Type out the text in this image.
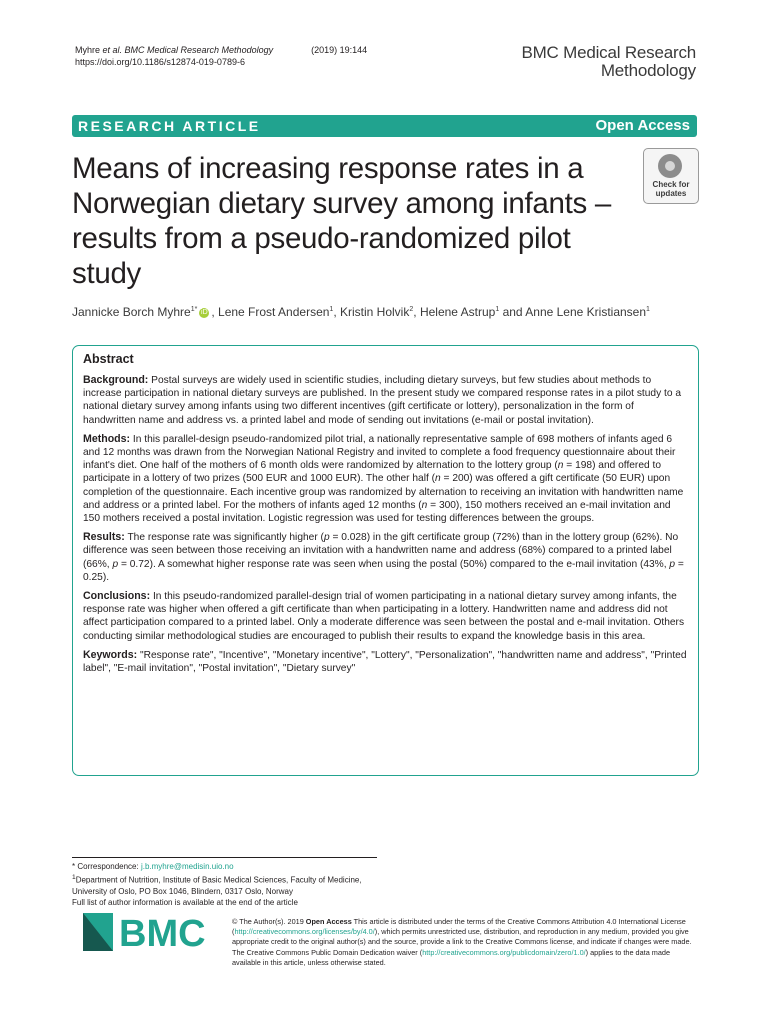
Myhre et al. BMC Medical Research Methodology	(2019) 19:144
https://doi.org/10.1186/s12874-019-0789-6	BMC Medical Research
Methodology
RESEARCH ARTICLE	Open Access
Means of increasing response rates in a Norwegian dietary survey among infants – results from a pseudo-randomized pilot study
Check for
updates
Jannicke Borch Myhre$^{1*}$ iD , Lene Frost Andersen$^1$, Kristin Holvik$^2$, Helene Astrup$^1$ and Anne Lene Kristiansen$^1$
Abstract

Background: Postal surveys are widely used in scientific studies, including dietary surveys, but few studies about methods to increase participation in national dietary surveys are published. In the present study we compared response rates in a pilot study to a national dietary survey among infants using two different incentives (gift certificate or lottery), personalization in the form of handwritten name and address vs. a printed label and mode of sending out invitations (e-mail or postal invitation).

Methods: In this parallel-design pseudo-randomized pilot trial, a nationally representative sample of 698 mothers of infants aged 6 and 12 months was drawn from the Norwegian National Registry and invited to complete a food frequency questionnaire about their infant's diet. One half of the mothers of 6 month olds were randomized by alternation to the lottery group (n = 198) and offered to participate in a lottery of two prizes (500 EUR and 1000 EUR). The other half (n = 200) was offered a gift certificate (50 EUR) upon completion of the questionnaire. Each incentive group was randomized by alternation to receiving an invitation with handwritten name and address or a printed label. For the mothers of infants aged 12 months (n = 300), 150 mothers received an e-mail invitation and 150 mothers received a postal invitation. Logistic regression was used for testing differences between the groups.

Results: The response rate was significantly higher (p = 0.028) in the gift certificate group (72%) than in the lottery group (62%). No difference was seen between those receiving an invitation with a handwritten name and address (68%) compared to a printed label (66%, p = 0.72). A somewhat higher response rate was seen when using the postal (50%) compared to the e-mail invitation (43%, p = 0.25).

Conclusions: In this pseudo-randomized parallel-design trial of women participating in a national dietary survey among infants, the response rate was higher when offered a gift certificate than when participating in a lottery. Handwritten name and address did not affect participation compared to a printed label. Only a moderate difference was seen between the postal and e-mail invitation. Others conducting similar methodological studies are encouraged to publish their results to expand the knowledge basis in this area.

Keywords: "Response rate", "Incentive", "Monetary incentive", "Lottery", "Personalization", "handwritten name and address", "Printed label", "E-mail invitation", "Postal invitation", "Dietary survey"

* Correspondence: j.b.myhre@medisin.uio.no
$^1$Department of Nutrition, Institute of Basic Medical Sciences, Faculty of Medicine, University of Oslo, PO Box 1046, Blindern, 0317 Oslo, Norway
Full list of author information is available at the end of the article
BMC	© The Author(s). 2019 Open Access This article is distributed under the terms of the Creative Commons Attribution 4.0 International License (http://creativecommons.org/licenses/by/4.0/), which permits unrestricted use, distribution, and reproduction in any medium, provided you give appropriate credit to the original author(s) and the source, provide a link to the Creative Commons license, and indicate if changes were made. The Creative Commons Public Domain Dedication waiver (http://creativecommons.org/publicdomain/zero/1.0/) applies to the data made available in this article, unless otherwise stated.
